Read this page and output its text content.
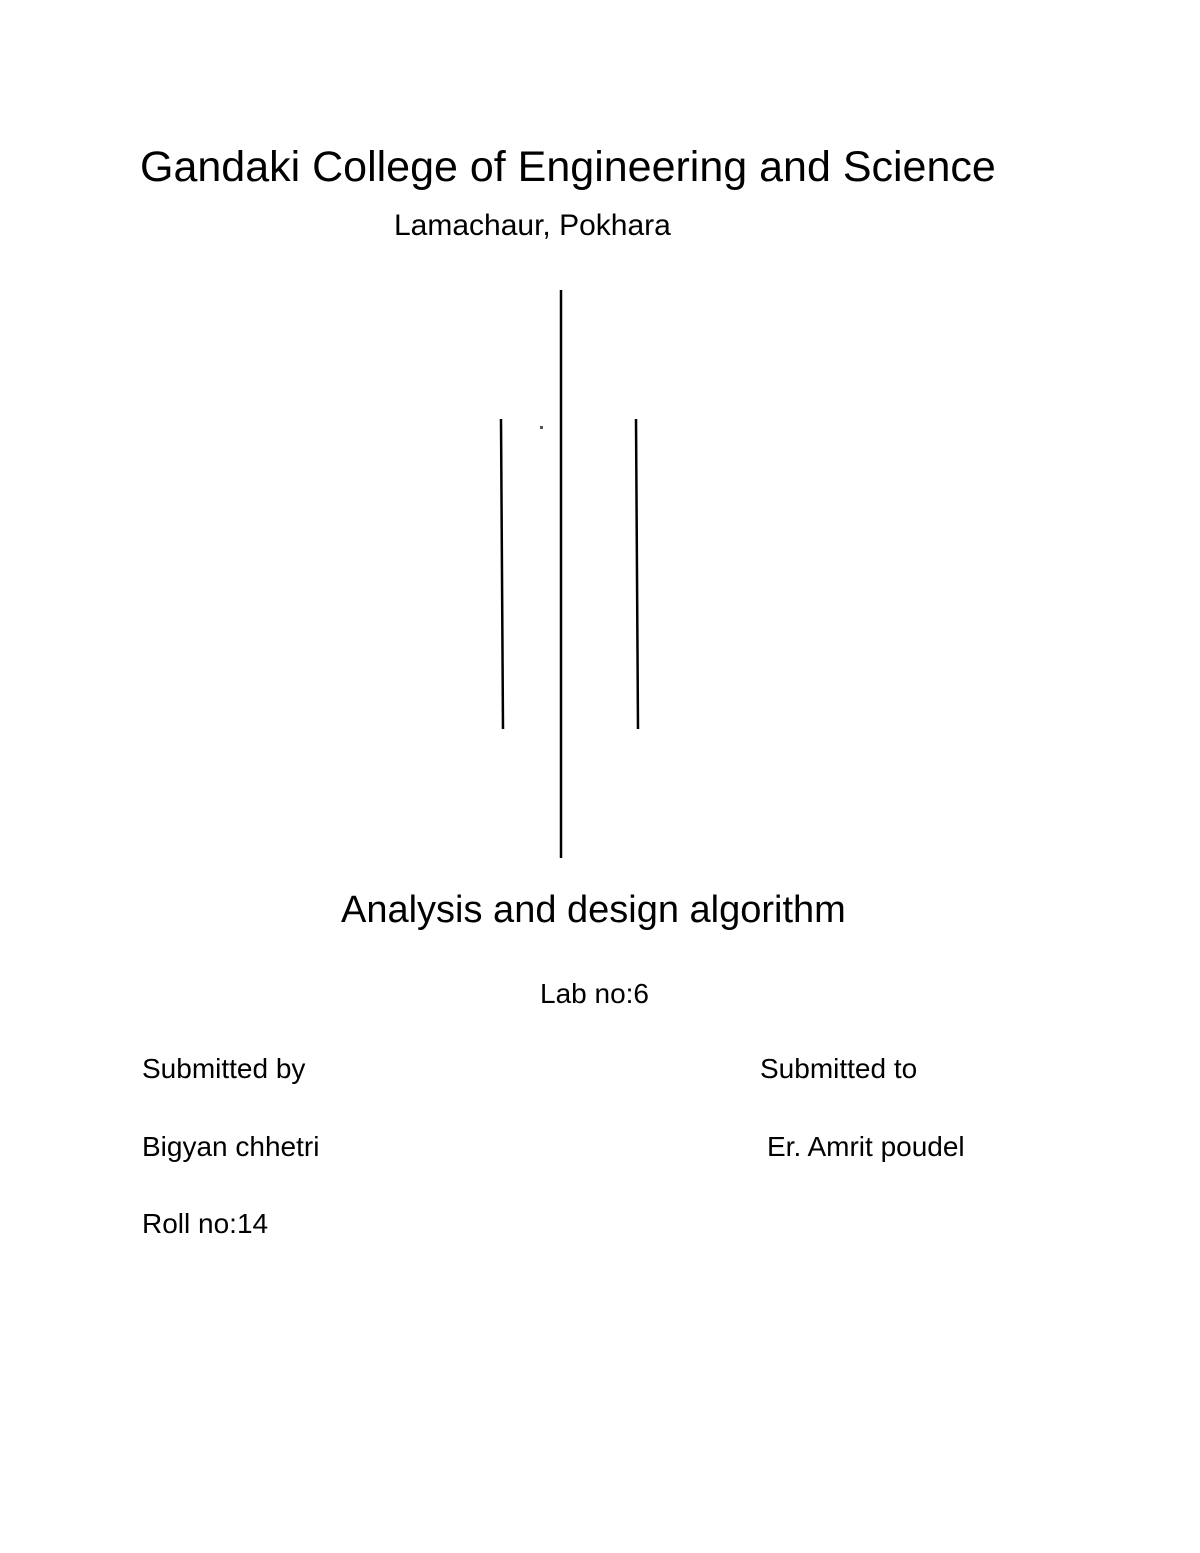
Gandaki College of Engineering and Science
Lamachaur, Pokhara
Analysis and design algorithm
Lab no:6
Submitted by	Submitted to
Bigyan chhetri	Er. Amrit poudel
Roll no:14
